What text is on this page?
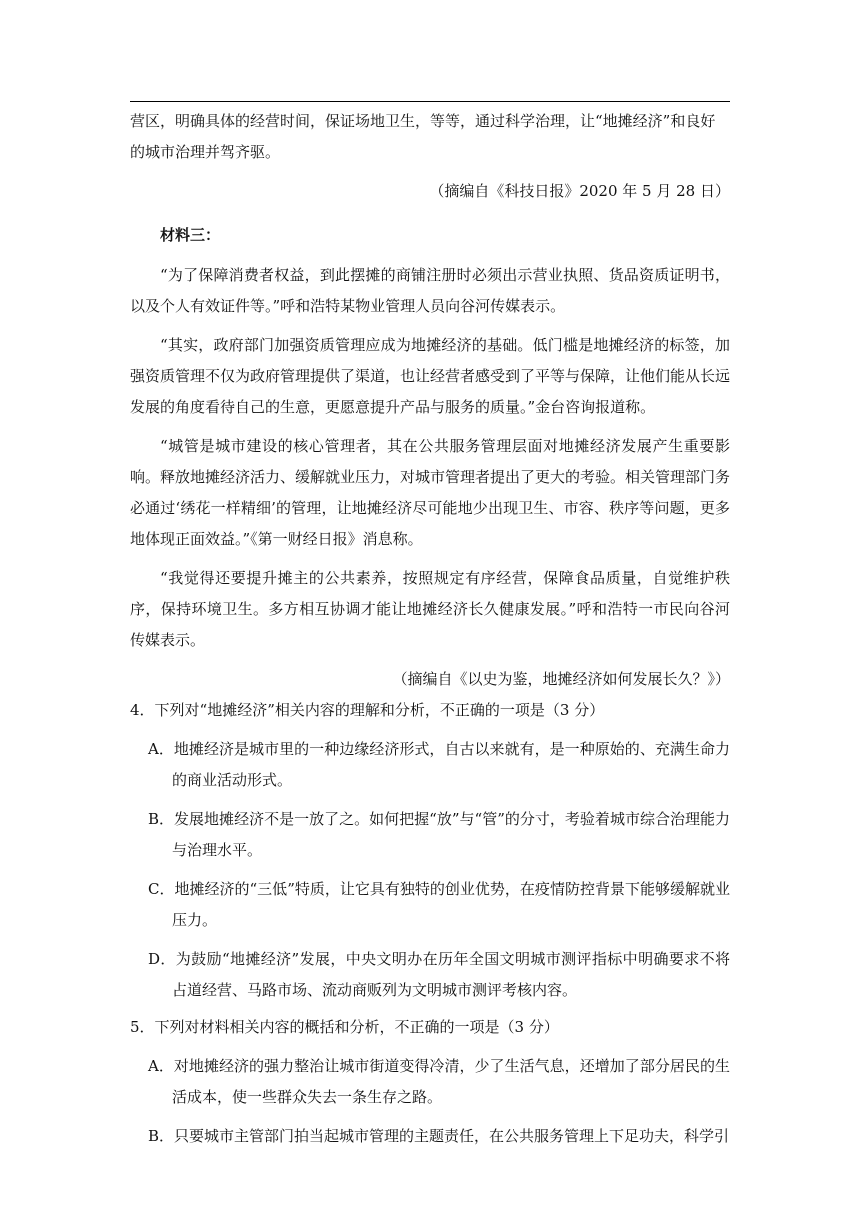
营区，明确具体的经营时间，保证场地卫生，等等，通过科学治理，让“地摊经济”和良好的城市治理并驾齐驱。

（摘编自《科技日报》2020 年 5 月 28 日）

材料三：

“为了保障消费者权益，到此摆摊的商铺注册时必须出示营业执照、货品资质证明书，以及个人有效证件等。”呼和浩特某物业管理人员向谷河传媒表示。

“其实，政府部门加强资质管理应成为地摊经济的基础。低门槛是地摊经济的标签，加强资质管理不仅为政府管理提供了渠道，也让经营者感受到了平等与保障，让他们能从长远发展的角度看待自己的生意，更愿意提升产品与服务的质量。”金台咨询报道称。

“城管是城市建设的核心管理者，其在公共服务管理层面对地摊经济发展产生重要影响。释放地摊经济活力、缓解就业压力，对城市管理者提出了更大的考验。相关管理部门务必通过‘绣花一样精细’的管理，让地摊经济尽可能地少出现卫生、市容、秩序等问题，更多地体现正面效益。”《第一财经日报》消息称。

“我觉得还要提升摊主的公共素养，按照规定有序经营，保障食品质量，自觉维护秩序，保持环境卫生。多方相互协调才能让地摊经济长久健康发展。”呼和浩特一市民向谷河传媒表示。

（摘编自《以史为鉴，地摊经济如何发展长久？》）

4．下列对“地摊经济”相关内容的理解和分析，不正确的一项是（3 分）

A．地摊经济是城市里的一种边缘经济形式，自古以来就有，是一种原始的、充满生命力的商业活动形式。

B．发展地摊经济不是一放了之。如何把握“放”与“管”的分寸，考验着城市综合治理能力与治理水平。

C．地摊经济的“三低”特质，让它具有独特的创业优势，在疫情防控背景下能够缓解就业压力。

D．为鼓励“地摊经济”发展，中央文明办在历年全国文明城市测评指标中明确要求不将占道经营、马路市场、流动商贩列为文明城市测评考核内容。

5．下列对材料相关内容的概括和分析，不正确的一项是（3 分）

A．对地摊经济的强力整治让城市街道变得冷清，少了生活气息，还增加了部分居民的生活成本，使一些群众失去一条生存之路。

B．只要城市主管部门拍当起城市管理的主题责任，在公共服务管理上下足功夫，科学引
